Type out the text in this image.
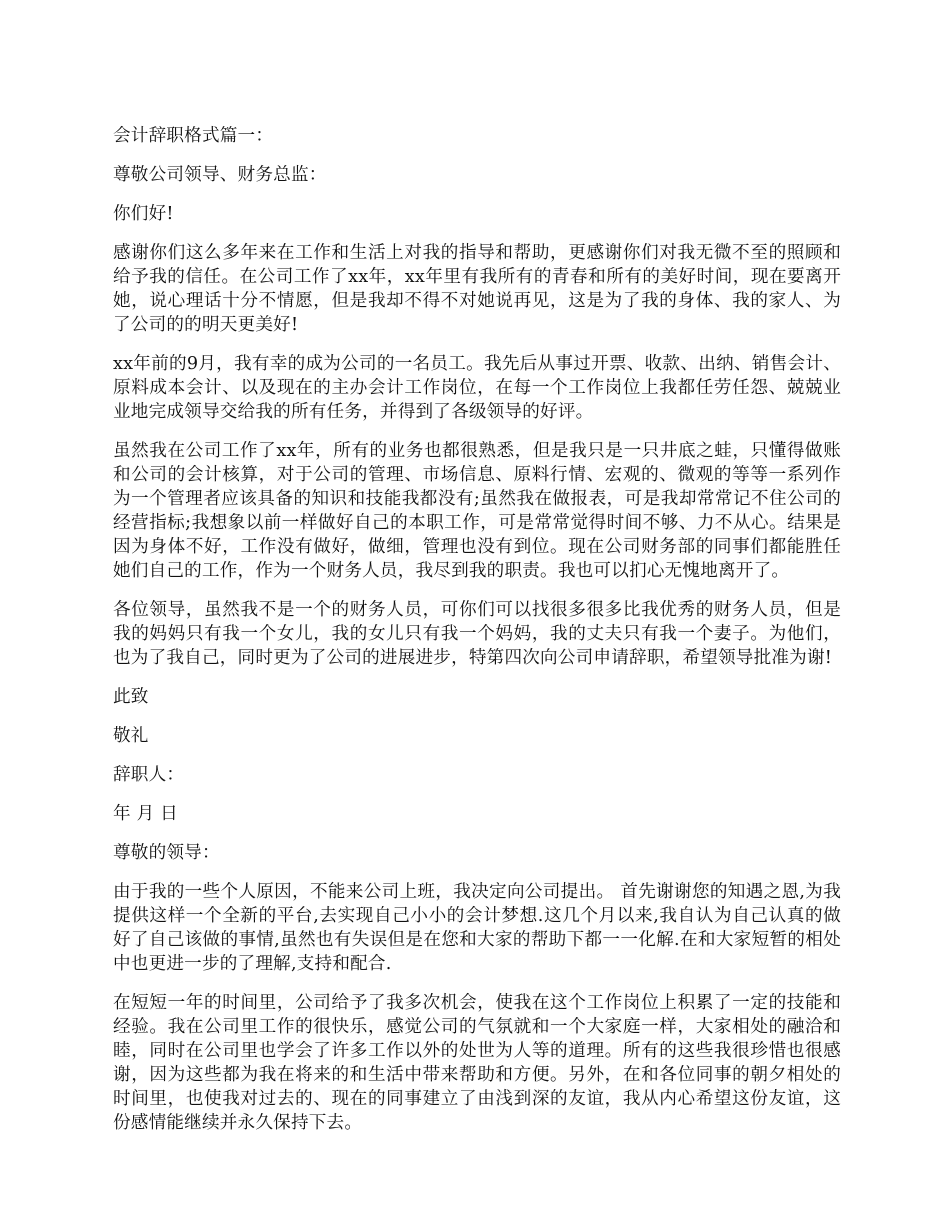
会计辞职格式篇一：

尊敬公司领导、财务总监：

你们好!

感谢你们这么多年来在工作和生活上对我的指导和帮助，更感谢你们对我无微不至的照顾和给予我的信任。在公司工作了xx年，xx年里有我所有的青春和所有的美好时间，现在要离开她，说心理话十分不情愿，但是我却不得不对她说再见，这是为了我的身体、我的家人、为了公司的的明天更美好!

xx年前的9月，我有幸的成为公司的一名员工。我先后从事过开票、收款、出纳、销售会计、原料成本会计、以及现在的主办会计工作岗位，在每一个工作岗位上我都任劳任怨、兢兢业业地完成领导交给我的所有任务，并得到了各级领导的好评。

虽然我在公司工作了xx年，所有的业务也都很熟悉，但是我只是一只井底之蛙，只懂得做账和公司的会计核算，对于公司的管理、市场信息、原料行情、宏观的、微观的等等一系列作为一个管理者应该具备的知识和技能我都没有;虽然我在做报表，可是我却常常记不住公司的经营指标;我想象以前一样做好自己的本职工作，可是常常觉得时间不够、力不从心。结果是因为身体不好，工作没有做好，做细，管理也没有到位。现在公司财务部的同事们都能胜任她们自己的工作，作为一个财务人员，我尽到我的职责。我也可以扪心无愧地离开了。

各位领导，虽然我不是一个的财务人员，可你们可以找很多很多比我优秀的财务人员，但是我的妈妈只有我一个女儿，我的女儿只有我一个妈妈，我的丈夫只有我一个妻子。为他们，也为了我自己，同时更为了公司的进展进步，特第四次向公司申请辞职，希望领导批准为谢!

此致

敬礼

辞职人：

年 月 日

尊敬的领导：

由于我的一些个人原因，不能来公司上班，我决定向公司提出。 首先谢谢您的知遇之恩,为我提供这样一个全新的平台,去实现自己小小的会计梦想.这几个月以来,我自认为自己认真的做好了自己该做的事情,虽然也有失误但是在您和大家的帮助下都一一化解.在和大家短暂的相处中也更进一步的了理解,支持和配合.

在短短一年的时间里，公司给予了我多次机会，使我在这个工作岗位上积累了一定的技能和经验。我在公司里工作的很快乐，感觉公司的气氛就和一个大家庭一样，大家相处的融洽和睦，同时在公司里也学会了许多工作以外的处世为人等的道理。所有的这些我很珍惜也很感谢，因为这些都为我在将来的和生活中带来帮助和方便。另外，在和各位同事的朝夕相处的时间里，也使我对过去的、现在的同事建立了由浅到深的友谊，我从内心希望这份友谊，这份感情能继续并永久保持下去。
